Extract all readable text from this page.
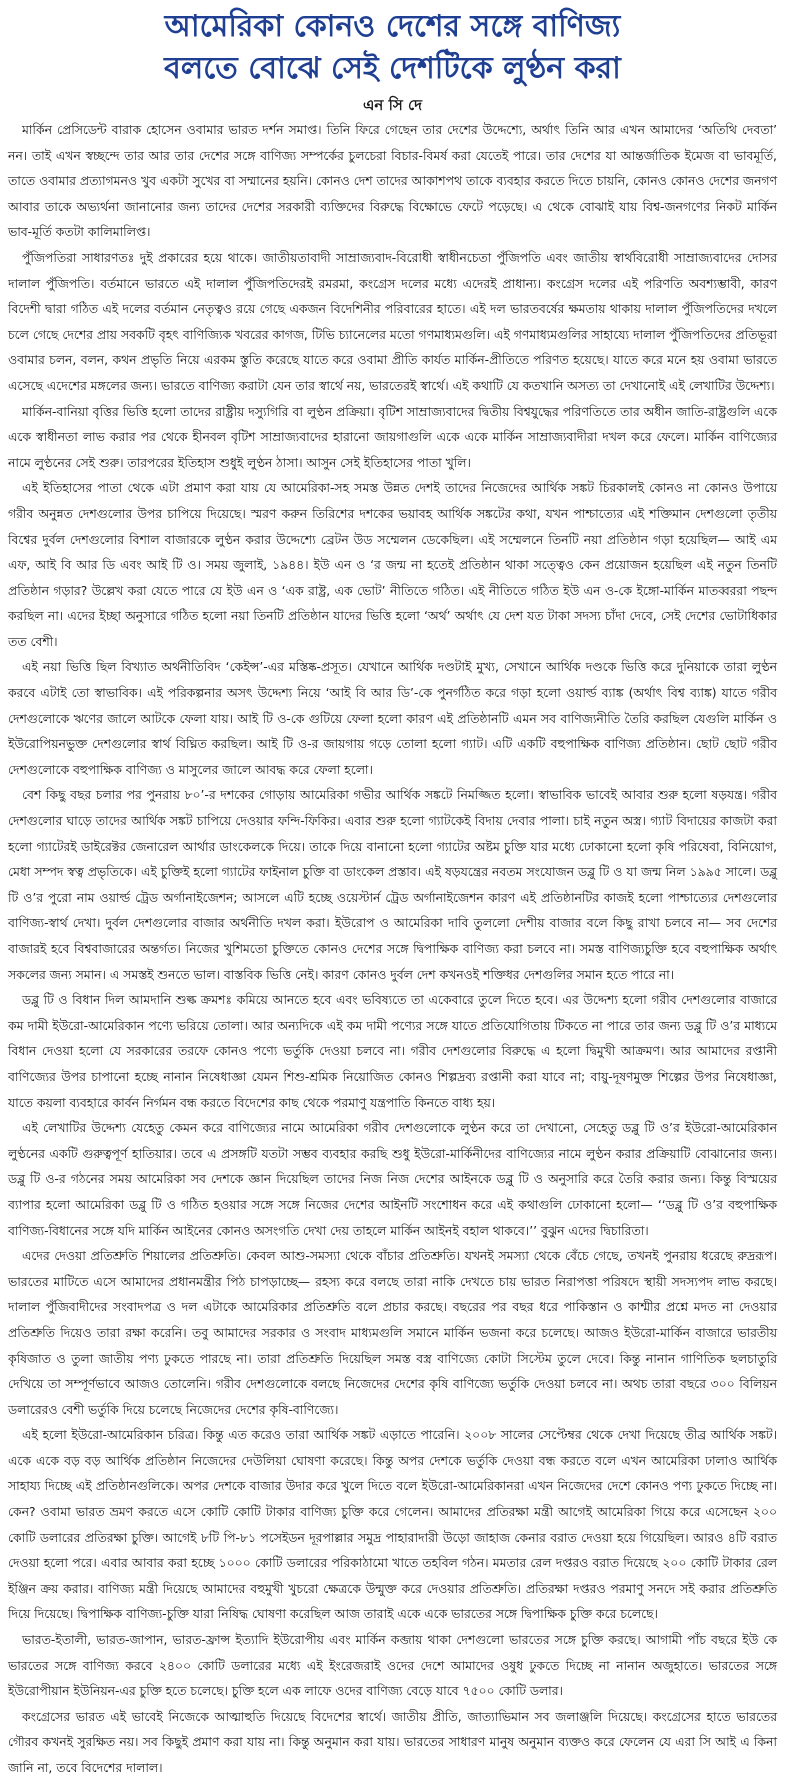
আমেরিকা কোনও দেশের সঙ্গে বাণিজ্য
বলতে বোঝে সেই দেশটিকে লুণ্ঠন করা
এন সি দে

মার্কিন প্রেসিডেন্ট বারাক হোসেন ওবামার ভারত দর্শন সমাপ্ত। তিনি ফিরে গেছেন তার দেশের উদ্দেশ্যে, অর্থাৎ তিনি আর এখন আমাদের ‘অতিথি দেবতা’ নন। তাই এখন স্বচ্ছন্দে তার আর তার দেশের সঙ্গে বাণিজ্য সম্পর্কের চুলচেরা বিচার-বিমর্ষ করা যেতেই পারে। তার দেশের যা আন্তর্জাতিক ইমেজ বা ভাবমূর্তি, তাতে ওবামার প্রত্যাগমনও খুব একটা সুখের বা সম্মানের হয়নি। কোনও দেশ তাদের আকাশপথ তাকে ব্যবহার করতে দিতে চায়নি, কোনও কোনও দেশের জনগণ আবার তাকে অভ্যর্থনা জানানোর জন্য তাদের দেশের সরকারী ব্যক্তিদের বিরুদ্ধে বিক্ষোভে ফেটে পড়েছে। এ থেকে বোঝাই যায় বিশ্ব-জনগণের নিকট মার্কিন ভাব-মূর্তি কতটা কালিমালিপ্ত।

পুঁজিপতিরা সাধারণতঃ দুই প্রকারের হয়ে থাকে। জাতীয়তাবাদী সাম্রাজ্যবাদ-বিরোধী স্বাধীনচেতা পুঁজিপতি এবং জাতীয় স্বার্থবিরোধী সাম্রাজ্যবাদের দোসর দালাল পুঁজিপতি। বর্তমানে ভারতে এই দালাল পুঁজিপতিদেরই রমরমা, কংগ্রেস দলের মধ্যে এদেরই প্রাধান্য। কংগ্রেস দলের এই পরিণতি অবশ্যম্ভাবী, কারণ বিদেশী দ্বারা গঠিত এই দলের বর্তমান নেতৃত্বও রয়ে গেছে একজন বিদেশিনীর পরিবারের হাতে। এই দল ভারতবর্ষের ক্ষমতায় থাকায় দালাল পুঁজিপতিদের দখলে চলে গেছে দেশের প্রায় সবকটি বৃহৎ বাণিজ্যিক খবরের কাগজ, টিভি চ্যানেলের মতো গণমাধ্যমগুলি। এই গণমাধ্যমগুলির সাহায্যে দালাল পুঁজিপতিদের প্রতিভূরা ওবামার চলন, বলন, কথন প্রভৃতি নিয়ে এরকম স্তুতি করেছে যাতে করে ওবামা প্রীতি কার্যত মার্কিন-প্রীতিতে পরিণত হয়েছে। যাতে করে মনে হয় ওবামা ভারতে এসেছে এদেশের মঙ্গলের জন্য। ভারতে বাণিজ্য করাটা যেন তার স্বার্থে নয়, ভারতেরই স্বার্থে। এই কথাটি যে কতখানি অসত্য তা দেখানোই এই লেখাটির উদ্দেশ্য।

মার্কিন-বানিয়া বৃত্তির ভিত্তি হলো তাদের রাষ্ট্রীয় দস্যুগিরি বা লুণ্ঠন প্রক্রিয়া। বৃটিশ সাম্রাজ্যবাদের দ্বিতীয় বিশ্বযুদ্ধের পরিণতিতে তার অধীন জাতি-রাষ্ট্রগুলি একে একে স্বাধীনতা লাভ করার পর থেকে হীনবল বৃটিশ সাম্রাজ্যবাদের হারানো জায়গাগুলি একে একে মার্কিন সাম্রাজ্যবাদীরা দখল করে ফেলে। মার্কিন বাণিজ্যের নামে লুণ্ঠনের সেই শুরু। তারপরের ইতিহাস শুধুই লুণ্ঠন ঠাসা। আসুন সেই ইতিহাসের পাতা খুলি।

এই ইতিহাসের পাতা থেকে এটা প্রমাণ করা যায় যে আমেরিকা-সহ সমস্ত উন্নত দেশই তাদের নিজেদের আর্থিক সঙ্কট চিরকালই কোনও না কোনও উপায়ে গরীব অনুন্নত দেশগুলোর উপর চাপিয়ে দিয়েছে। স্মরণ করুন তিরিশের দশকের ভয়াবহ আর্থিক সঙ্কটের কথা, যখন পাশ্চাত্যের এই শক্তিমান দেশগুলো তৃতীয় বিশ্বের দুর্বল দেশগুলোর বিশাল বাজারকে লুণ্ঠন করার উদ্দেশ্যে ব্রেটন উড সম্মেলন ডেকেছিল। এই সম্মেলনে তিনটি নয়া প্রতিষ্ঠান গড়া হয়েছিল— আই এম এফ, আই বি আর ডি এবং আই টি ও। সময় জুলাই, ১৯৪৪। ইউ এন ও ‘র জন্ম না হতেই প্রতিষ্ঠান থাকা সত্ত্বেও কেন প্রয়োজন হয়েছিল এই নতুন তিনটি প্রতিষ্ঠান গড়ার? উল্লেখ করা যেতে পারে যে ইউ এন ও ‘এক রাষ্ট্র, এক ভোট’ নীতিতে গঠিত। এই নীতিতে গঠিত ইউ এন ও-কে ইঙ্গো-মার্কিন মাতব্বররা পছন্দ করছিল না। এদের ইচ্ছা অনুসারে গঠিত হলো নয়া তিনটি প্রতিষ্ঠান যাদের ভিত্তি হলো ‘অর্থ’ অর্থাৎ যে দেশ যত টাকা সদস্য চাঁদা দেবে, সেই দেশের ভোটাধিকার তত বেশী।

এই নয়া ভিত্তি ছিল বিখ্যাত অর্থনীতিবিদ ‘কেইন্স’-এর মস্তিষ্ক-প্রসূত। যেখানে আর্থিক দণ্ডটাই মুখ্য, সেখানে আর্থিক দণ্ডকে ভিত্তি করে দুনিয়াকে তারা লুণ্ঠন করবে এটাই তো স্বাভাবিক। এই পরিকল্পনার অসৎ উদ্দেশ্য নিয়ে ‘আই বি আর ডি’-কে পুনর্গঠিত করে গড়া হলো ওয়ার্ল্ড ব্যাঙ্ক (অর্থাৎ বিশ্ব ব্যাঙ্ক) যাতে গরীব দেশগুলোকে ঋণের জালে আটকে ফেলা যায়। আই টি ও-কে গুটিয়ে ফেলা হলো কারণ এই প্রতিষ্ঠানটি এমন সব বাণিজ্যনীতি তৈরি করছিল যেগুলি মার্কিন ও ইউরোপিয়নভুক্ত দেশগুলোর স্বার্থ বিঘ্নিত করছিল। আই টি ও-র জায়গায় গড়ে তোলা হলো গ্যাট। এটি একটি বহুপাক্ষিক বাণিজ্য প্রতিষ্ঠান। ছোট ছোট গরীব দেশগুলোকে বহুপাক্ষিক বাণিজ্য ও মাসুলের জালে আবদ্ধ করে ফেলা হলো।

বেশ কিছু বছর চলার পর পুনরায় ৮০’-র দশকের গোড়ায় আমেরিকা গভীর আর্থিক সঙ্কটে নিমজ্জিত হলো। স্বাভাবিক ভাবেই আবার শুরু হলো ষড়যন্ত্র। গরীব দেশগুলোর ঘাড়ে তাদের আর্থিক সঙ্কট চাপিয়ে দেওয়ার ফন্দি-ফিকির। এবার শুরু হলো গ্যাটকেই বিদায় দেবার পালা। চাই নতুন অস্ত্র। গ্যাট বিদায়ের কাজটা করা হলো গ্যাটেরই ডাইরেক্টর জেনারেল আর্থার ডাংকেলকে দিয়ে। তাকে দিয়ে বানানো হলো গ্যাটের অষ্টম চুক্তি যার মধ্যে ঢোকানো হলো কৃষি পরিষেবা, বিনিয়োগ, মেধা সম্পদ স্বত্ব প্রভৃতিকে। এই চুক্তিই হলো গ্যাটের ফাইনাল চুক্তি বা ডাংকেল প্রস্তাব। এই ষড়যন্ত্রের নবতম সংযোজন ডব্লু টি ও যা জন্ম নিল ১৯৯৫ সালে। ডব্লু টি ও’র পুরো নাম ওয়ার্ল্ড ট্রেড অর্গানাইজেশন; আসলে এটি হচ্ছে ওয়েস্টার্ন ট্রেড অর্গানাইজেশন কারণ এই প্রতিষ্ঠানটির কাজই হলো পাশ্চাত্যের দেশগুলোর বাণিজ্য-স্বার্থ দেখা। দুর্বল দেশগুলোর বাজার অর্থনীতি দখল করা। ইউরোপ ও আমেরিকা দাবি তুললো দেশীয় বাজার বলে কিছু রাখা চলবে না— সব দেশের বাজারই হবে বিশ্ববাজারের অন্তর্গত। নিজের খুশিমতো চুক্তিতে কোনও দেশের সঙ্গে দ্বিপাক্ষিক বাণিজ্য করা চলবে না। সমস্ত বাণিজ্যচুক্তি হবে বহুপাক্ষিক অর্থাৎ সকলের জন্য সমান। এ সমস্তই শুনতে ভাল। বাস্তবিক ভিত্তি নেই। কারণ কোনও দুর্বল দেশ কখনওই শক্তিধর দেশগুলির সমান হতে পারে না।

ডব্লু টি ও বিধান দিল আমদানি শুল্ক ক্রমশঃ কমিয়ে আনতে হবে এবং ভবিষ্যতে তা একেবারে তুলে দিতে হবে। এর উদ্দেশ্য হলো গরীব দেশগুলোর বাজারে কম দামী ইউরো-আমেরিকান পণ্যে ভরিয়ে তোলা। আর অন্যদিকে এই কম দামী পণ্যের সঙ্গে যাতে প্রতিযোগিতায় টিকতে না পারে তার জন্য ডব্লু টি ও’র মাধ্যমে বিধান দেওয়া হলো যে সরকারের তরফে কোনও পণ্যে ভর্তুকি দেওয়া চলবে না। গরীব দেশগুলোর বিরুদ্ধে এ হলো দ্বিমুখী আক্রমণ। আর আমাদের রপ্তানী বাণিজ্যের উপর চাপানো হচ্ছে নানান নিষেধাজ্ঞা যেমন শিশু-শ্রমিক নিয়োজিত কোনও শিল্পদ্রব্য রপ্তানী করা যাবে না; বায়ু-দূষণমুক্ত শিল্পের উপর নিষেধাজ্ঞা, যাতে কয়লা ব্যবহারে কার্বন নির্গমন বন্ধ করতে বিদেশের কাছ থেকে পরমাণু যন্ত্রপাতি কিনতে বাধ্য হয়।

এই লেখাটির উদ্দেশ্য যেহেতু কেমন করে বাণিজ্যের নামে আমেরিকা গরীব দেশগুলোকে লুণ্ঠন করে তা দেখানো, সেহেতু ডব্লু টি ও’র ইউরো-আমেরিকান লুণ্ঠনের একটি গুরুত্বপূর্ণ হাতিয়ার। তবে এ প্রসঙ্গটি যতটা সম্ভব ব্যবহার করছি শুধু ইউরো-মার্কিনীদের বাণিজ্যের নামে লুণ্ঠন করার প্রক্রিয়াটি বোঝানোর জন্য। ডব্লু টি ও-র গঠনের সময় আমেরিকা সব দেশকে জ্ঞান দিয়েছিল তাদের নিজ নিজ দেশের আইনকে ডব্লু টি ও অনুসারি করে তৈরি করার জন্য। কিন্তু বিস্ময়ের ব্যাপার হলো আমেরিকা ডব্লু টি ও গঠিত হওয়ার সঙ্গে সঙ্গে নিজের দেশের আইনটি সংশোধন করে এই কথাগুলি ঢোকানো হলো— ‘‘ডব্লু টি ও’র বহুপাক্ষিক বাণিজ্য-বিধানের সঙ্গে যদি মার্কিন আইনের কোনও অসংগতি দেখা দেয় তাহলে মার্কিন আইনই বহাল থাকবে।’’ বুঝুন এদের দ্বিচারিতা।

এদের দেওয়া প্রতিশ্রুতি শিয়ালের প্রতিশ্রুতি। কেবল আশু-সমস্যা থেকে বাঁচার প্রতিশ্রুতি। যখনই সমস্যা থেকে বেঁচে গেছে, তখনই পুনরায় ধরেছে রুদ্ররূপ। ভারতের মাটিতে এসে আমাদের প্রধানমন্ত্রীর পিঠ চাপড়াচ্ছে— রহস্য করে বলছে তারা নাকি দেখতে চায় ভারত নিরাপত্তা পরিষদে স্থায়ী সদস্যপদ লাভ করছে। দালাল পুঁজিবাদীদের সংবাদপত্র ও দল এটাকে আমেরিকার প্রতিশ্রুতি বলে প্রচার করছে। বছরের পর বছর ধরে পাকিস্তান ও কাশ্মীর প্রশ্নে মদত না দেওয়ার প্রতিশ্রুতি দিয়েও তারা রক্ষা করেনি। তবু আমাদের সরকার ও সংবাদ মাধ্যমগুলি সমানে মার্কিন ভজনা করে চলেছে। আজও ইউরো-মার্কিন বাজারে ভারতীয় কৃষিজাত ও তুলা জাতীয় পণ্য ঢুকতে পারছে না। তারা প্রতিশ্রুতি দিয়েছিল সমস্ত বস্ত্র বাণিজ্যে কোটা সিস্টেম তুলে দেবে। কিন্তু নানান গাণিতিক ছলচাতুরি দেখিয়ে তা সম্পূর্ণভাবে আজও তোলেনি। গরীব দেশগুলোকে বলছে নিজেদের দেশের কৃষি বাণিজ্যে ভর্তুকি দেওয়া চলবে না। অথচ তারা বছরে ৩০০ বিলিয়ন ডলারেরও বেশী ভর্তুকি দিয়ে চলেছে নিজেদের দেশের কৃষি-বাণিজ্যে।

এই হলো ইউরো-আমেরিকান চরিত্র। কিন্তু এত করেও তারা আর্থিক সঙ্কট এড়াতে পারেনি। ২০০৮ সালের সেপ্টেম্বর থেকে দেখা দিয়েছে তীব্র আর্থিক সঙ্কট। একে একে বড় বড় আর্থিক প্রতিষ্ঠান নিজেদের দেউলিয়া ঘোষণা করেছে। কিন্তু অপর দেশকে ভর্তুকি দেওয়া বন্ধ করতে বলে এখন আমেরিকা ঢালাও আর্থিক সাহায্য দিচ্ছে এই প্রতিষ্ঠানগুলিকে। অপর দেশকে বাজার উদার করে খুলে দিতে বলে ইউরো-আমেরিকানরা এখন নিজেদের দেশে কোনও পণ্য ঢুকতে দিচ্ছে না। কেন? ওবামা ভারত ভ্রমণ করতে এসে কোটি কোটি টাকার বাণিজ্য চুক্তি করে গেলেন। আমাদের প্রতিরক্ষা মন্ত্রী আগেই আমেরিকা গিয়ে করে এসেছেন ২০০ কোটি ডলারের প্রতিরক্ষা চুক্তি। আগেই ৮টি পি-৮১ পসেইডন দূরপাল্লার সমুদ্র পাহারাদারী উড়ো জাহাজ কেনার বরাত দেওয়া হয়ে গিয়েছিল। আরও ৪টি বরাত দেওয়া হলো পরে। এবার আবার করা হচ্ছে ১০০০ কোটি ডলারের পরিকাঠামো খাতে তহবিল গঠন। মমতার রেল দপ্তরও বরাত দিয়েছে ২০০ কোটি টাকার রেল ইঞ্জিন ক্রয় করার। বাণিজ্য মন্ত্রী দিয়েছে আমাদের বহুমুখী খুচরো ক্ষেত্রকে উন্মুক্ত করে দেওয়ার প্রতিশ্রুতি। প্রতিরক্ষা দপ্তরও পরমাণু সনদে সই করার প্রতিশ্রুতি দিয়ে দিয়েছে। দ্বিপাক্ষিক বাণিজ্য-চুক্তি যারা নিষিদ্ধ ঘোষণা করেছিল আজ তারাই একে একে ভারতের সঙ্গে দ্বিপাক্ষিক চুক্তি করে চলেছে।

ভারত-ইতালী, ভারত-জাপান, ভারত-ফ্রান্স ইত্যাদি ইউরোপীয় এবং মার্কিন কব্জায় থাকা দেশগুলো ভারতের সঙ্গে চুক্তি করছে। আগামী পাঁচ বছরে ইউ কে ভারতের সঙ্গে বাণিজ্য করবে ২৪০০ কোটি ডলারের মধ্যে এই ইংরেজরাই ওদের দেশে আমাদের ওষুধ ঢুকতে দিচ্ছে না নানান অজুহাতে। ভারতের সঙ্গে ইউরোপীয়ান ইউনিয়ন-এর চুক্তি হতে চলেছে। চুক্তি হলে এক লাফে ওদের বাণিজ্য বেড়ে যাবে ৭৫০০ কোটি ডলার।

কংগ্রেসের ভারত এই ভাবেই নিজেকে আত্মাহুতি দিয়েছে বিদেশের স্বার্থে। জাতীয় প্রীতি, জাত্যাভিমান সব জলাঞ্জলি দিয়েছে। কংগ্রেসের হাতে ভারতের গৌরব কখনই সুরক্ষিত নয়। সব কিছুই প্রমাণ করা যায় না। কিন্তু অনুমান করা যায়। ভারতের সাধারণ মানুষ অনুমান ব্যক্তও করে ফেলেন যে এরা সি আই এ কিনা জানি না, তবে বিদেশের দালাল।
